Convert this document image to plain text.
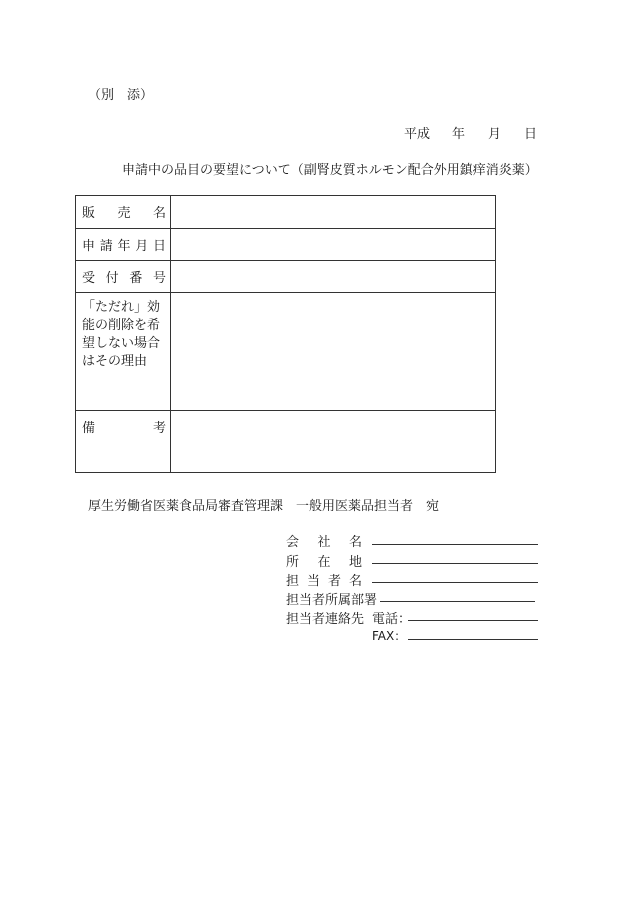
（別　添）
平成 年 月 日
申請中の品目の要望について（副腎皮質ホルモン配合外用鎮痒消炎薬）
販 売 名	

申 請 年 月 日	

受 付 番 号	

「ただれ」効能の削除を希望しない場合はその理由	

備 考	

厚生労働省医薬食品局審査管理課　一般用医薬品担当者　宛
会 社 名
所 在 地
担 当 者 名
担当者所属部署
担当者連絡先 電話：
FAX：
